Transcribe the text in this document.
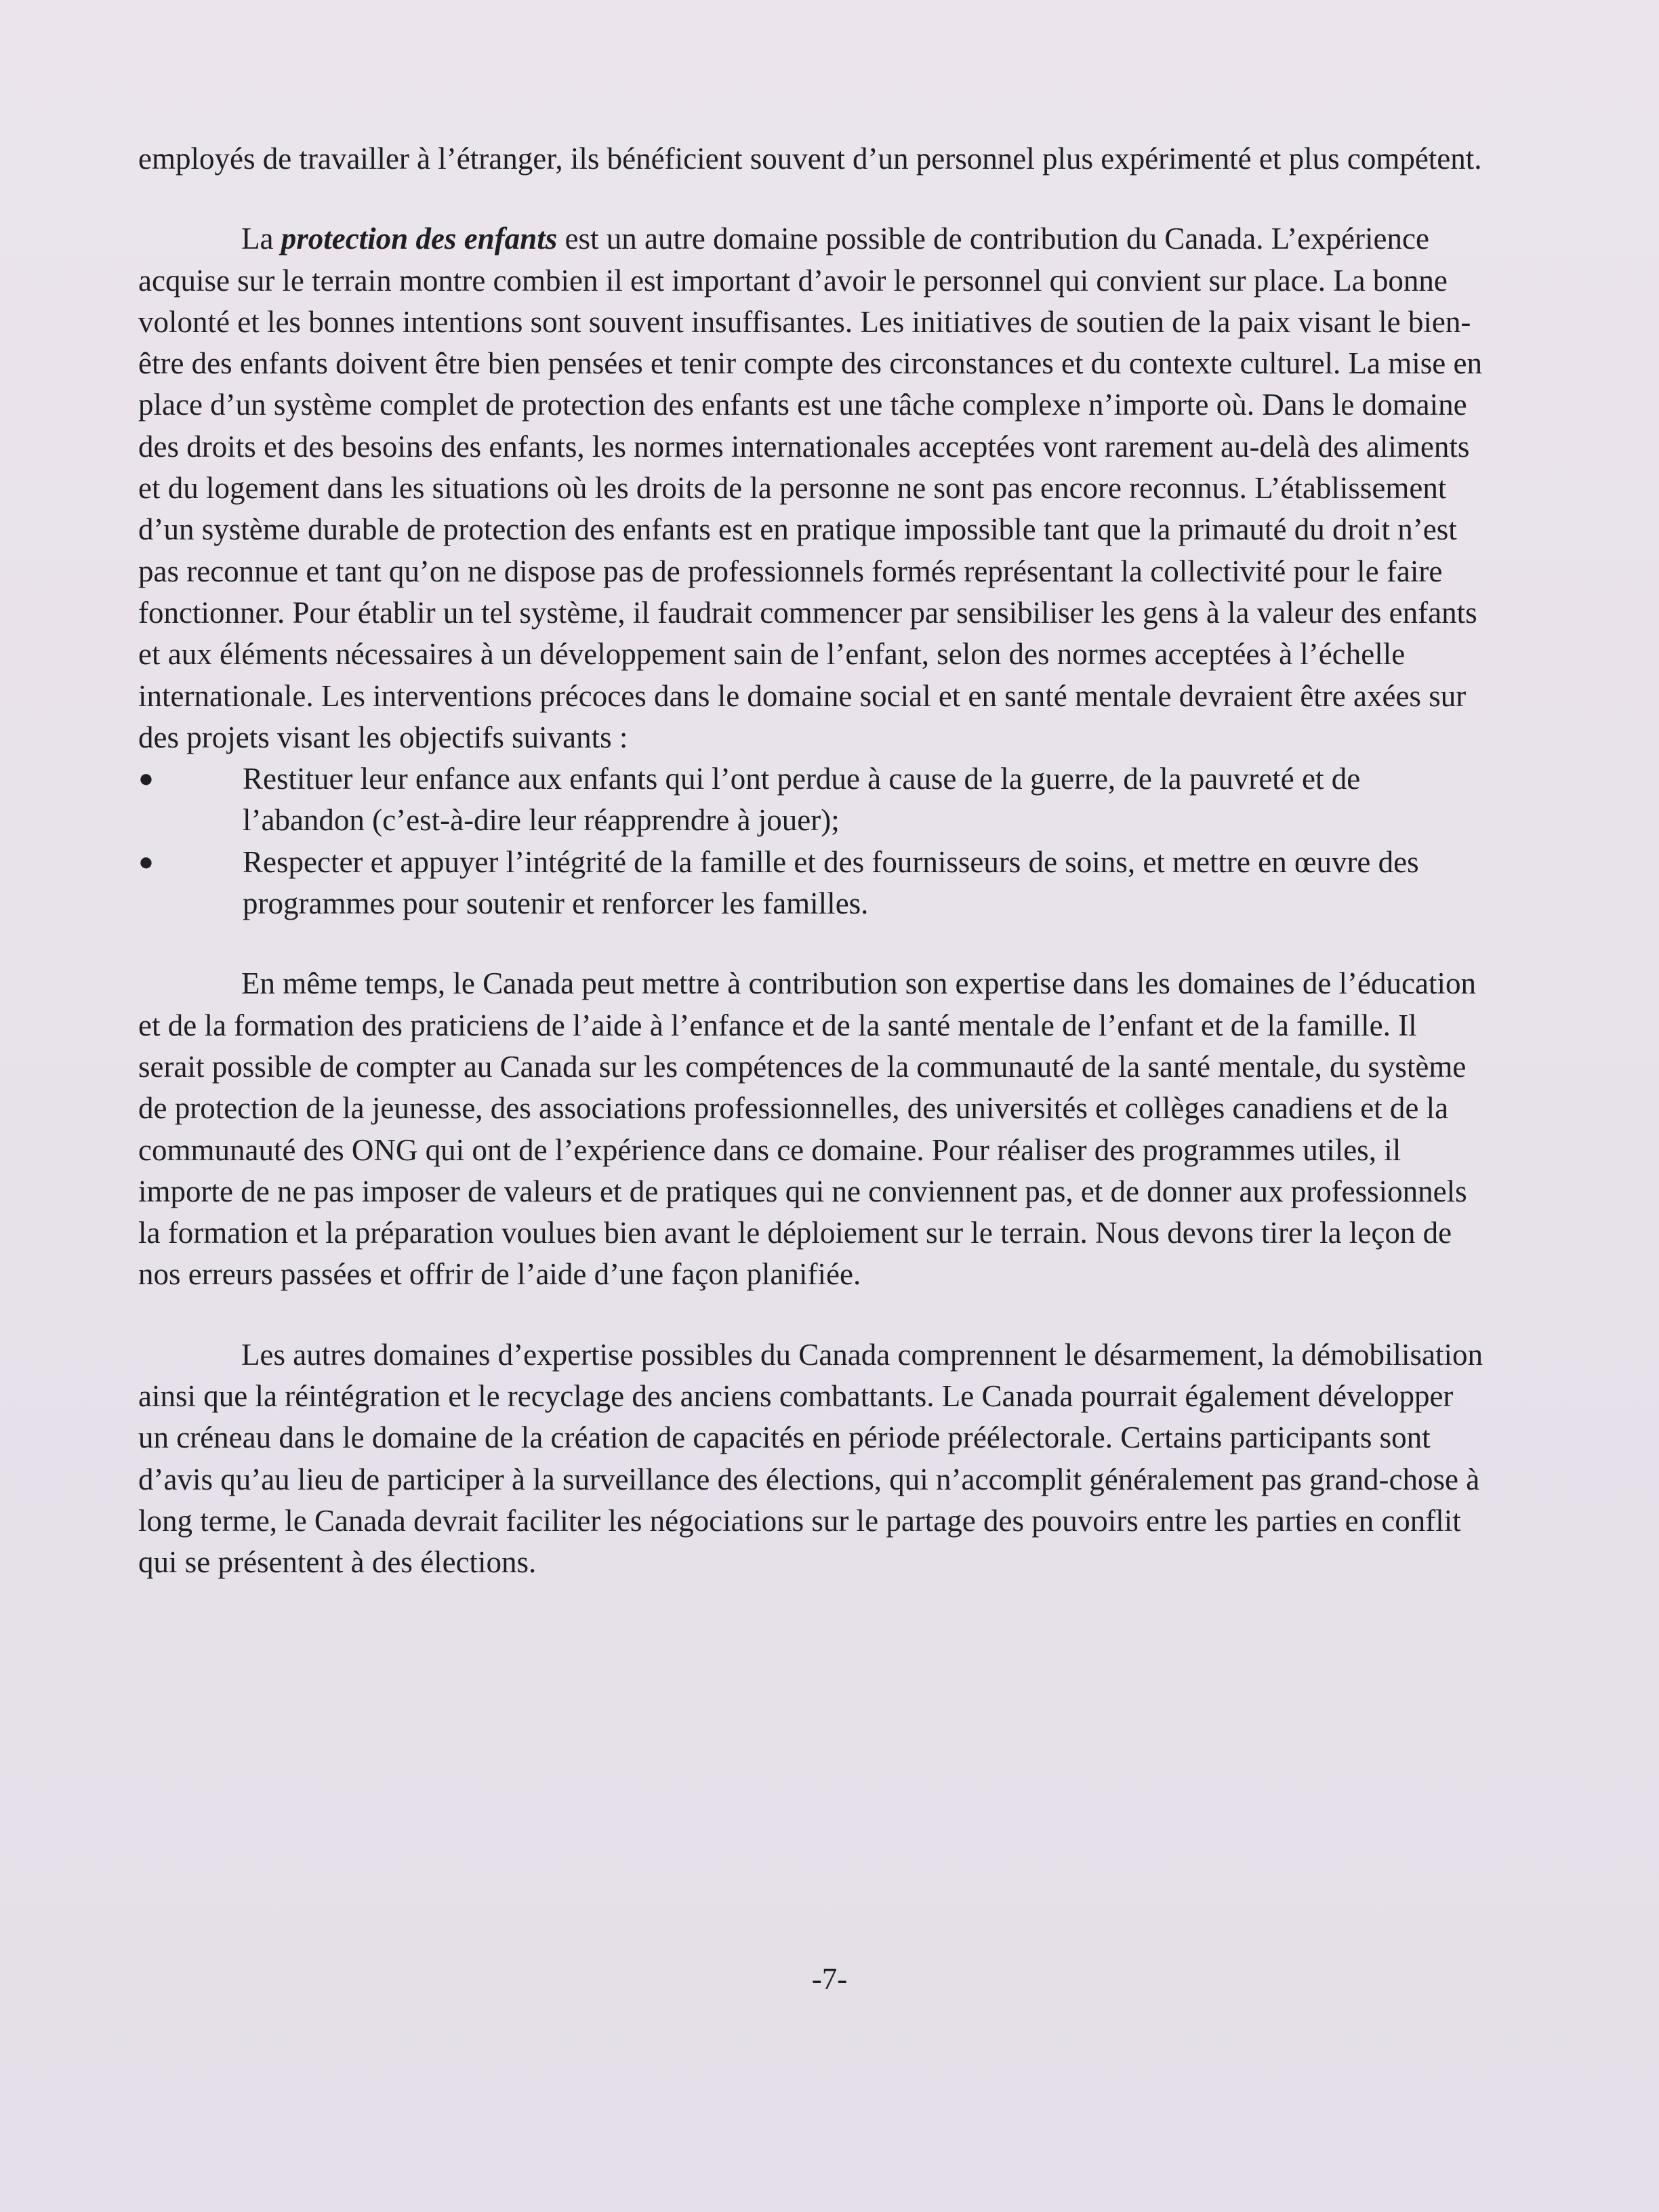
employés de travailler à l’étranger, ils bénéficient souvent d’un personnel plus expérimenté et plus compétent.

La protection des enfants est un autre domaine possible de contribution du Canada. L’expérience acquise sur le terrain montre combien il est important d’avoir le personnel qui convient sur place. La bonne volonté et les bonnes intentions sont souvent insuffisantes. Les initiatives de soutien de la paix visant le bien-être des enfants doivent être bien pensées et tenir compte des circonstances et du contexte culturel. La mise en place d’un système complet de protection des enfants est une tâche complexe n’importe où. Dans le domaine des droits et des besoins des enfants, les normes internationales acceptées vont rarement au-delà des aliments et du logement dans les situations où les droits de la personne ne sont pas encore reconnus. L’établissement d’un système durable de protection des enfants est en pratique impossible tant que la primauté du droit n’est pas reconnue et tant qu’on ne dispose pas de professionnels formés représentant la collectivité pour le faire fonctionner. Pour établir un tel système, il faudrait commencer par sensibiliser les gens à la valeur des enfants et aux éléments nécessaires à un développement sain de l’enfant, selon des normes acceptées à l’échelle internationale. Les interventions précoces dans le domaine social et en santé mentale devraient être axées sur des projets visant les objectifs suivants :

●	Restituer leur enfance aux enfants qui l’ont perdue à cause de la guerre, de la pauvreté et de l’abandon (c’est-à-dire leur réapprendre à jouer);
●	Respecter et appuyer l’intégrité de la famille et des fournisseurs de soins, et mettre en œuvre des programmes pour soutenir et renforcer les familles.

En même temps, le Canada peut mettre à contribution son expertise dans les domaines de l’éducation et de la formation des praticiens de l’aide à l’enfance et de la santé mentale de l’enfant et de la famille. Il serait possible de compter au Canada sur les compétences de la communauté de la santé mentale, du système de protection de la jeunesse, des associations professionnelles, des universités et collèges canadiens et de la communauté des ONG qui ont de l’expérience dans ce domaine. Pour réaliser des programmes utiles, il importe de ne pas imposer de valeurs et de pratiques qui ne conviennent pas, et de donner aux professionnels la formation et la préparation voulues bien avant le déploiement sur le terrain. Nous devons tirer la leçon de nos erreurs passées et offrir de l’aide d’une façon planifiée.

Les autres domaines d’expertise possibles du Canada comprennent le désarmement, la démobilisation ainsi que la réintégration et le recyclage des anciens combattants. Le Canada pourrait également développer un créneau dans le domaine de la création de capacités en période préélectorale. Certains participants sont d’avis qu’au lieu de participer à la surveillance des élections, qui n’accomplit généralement pas grand-chose à long terme, le Canada devrait faciliter les négociations sur le partage des pouvoirs entre les parties en conflit qui se présentent à des élections.

-7-
